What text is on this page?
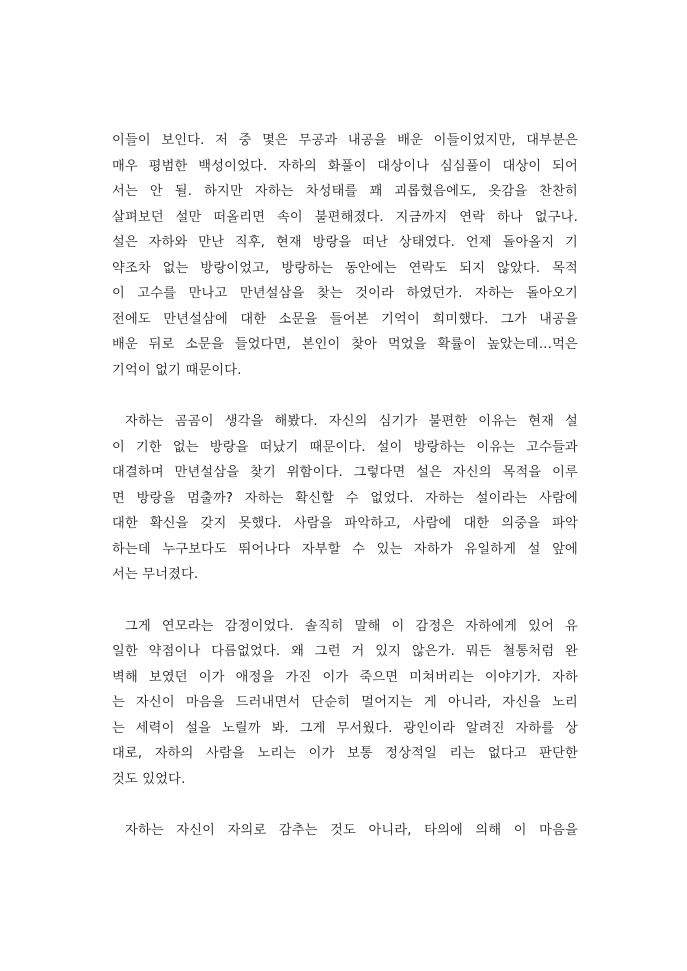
이들이 보인다. 저 중 몇은 무공과 내공을 배운 이들이었지만, 대부분은
매우 평범한 백성이었다. 자하의 화풀이 대상이나 심심풀이 대상이 되어
서는 안 될. 하지만 자하는 차성태를 꽤 괴롭혔음에도, 옷감을 찬찬히
살펴보던 설만 떠올리면 속이 불편해졌다. 지금까지 연락 하나 없구나.
설은 자하와 만난 직후, 현재 방랑을 떠난 상태였다. 언제 돌아올지 기
약조차 없는 방랑이었고, 방랑하는 동안에는 연락도 되지 않았다. 목적
이 고수를 만나고 만년설삼을 찾는 것이라 하였던가. 자하는 돌아오기
전에도 만년설삼에 대한 소문을 들어본 기억이 희미했다. 그가 내공을
배운 뒤로 소문을 들었다면, 본인이 찾아 먹었을 확률이 높았는데…먹은
기억이 없기 때문이다.
자하는 곰곰이 생각을 해봤다. 자신의 심기가 불편한 이유는 현재 설
이 기한 없는 방랑을 떠났기 때문이다. 설이 방랑하는 이유는 고수들과
대결하며 만년설삼을 찾기 위함이다. 그렇다면 설은 자신의 목적을 이루
면 방랑을 멈출까? 자하는 확신할 수 없었다. 자하는 설이라는 사람에
대한 확신을 갖지 못했다. 사람을 파악하고, 사람에 대한 의중을 파악
하는데 누구보다도 뛰어나다 자부할 수 있는 자하가 유일하게 설 앞에
서는 무너졌다.
그게 연모라는 감정이었다. 솔직히 말해 이 감정은 자하에게 있어 유
일한 약점이나 다름없었다. 왜 그런 거 있지 않은가. 뭐든 철통처럼 완
벽해 보였던 이가 애정을 가진 이가 죽으면 미쳐버리는 이야기가. 자하
는 자신이 마음을 드러내면서 단순히 멀어지는 게 아니라, 자신을 노리
는 세력이 설을 노릴까 봐. 그게 무서웠다. 광인이라 알려진 자하를 상
대로, 자하의 사람을 노리는 이가 보통 정상적일 리는 없다고 판단한
것도 있었다.
자하는 자신이 자의로 감추는 것도 아니라, 타의에 의해 이 마음을
